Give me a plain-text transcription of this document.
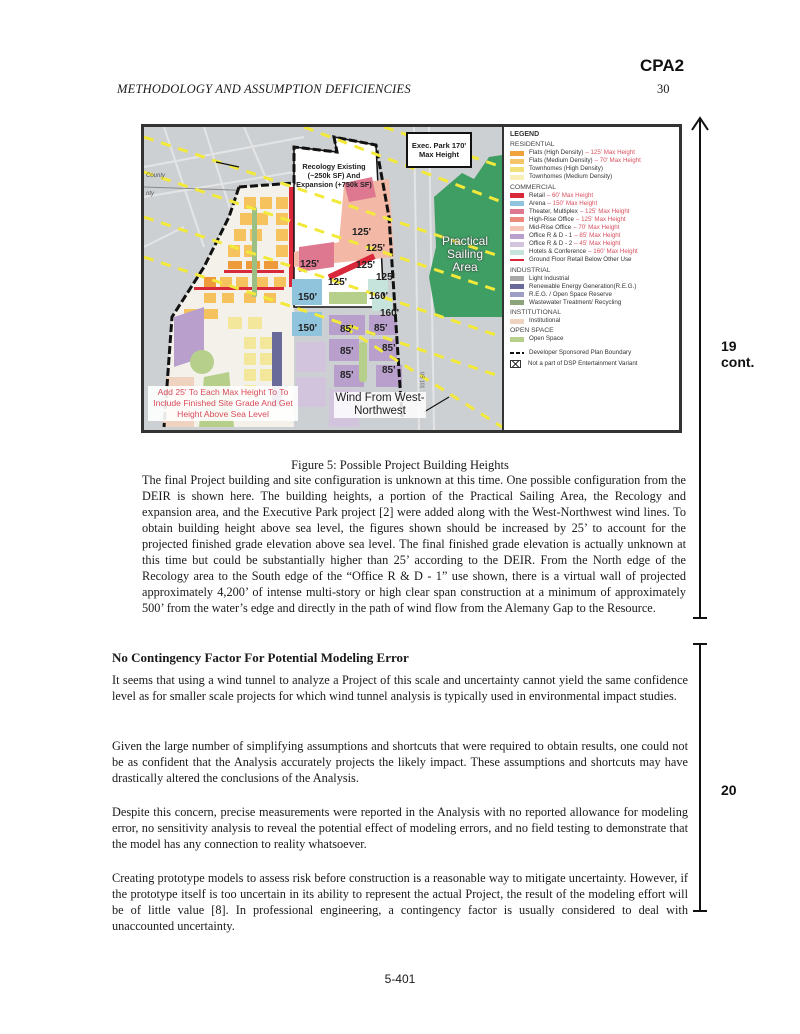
CPA2
METHODOLOGY AND ASSUMPTION DEFICIENCIES	30
Exec. Park 170' Max Height
Recology Existing (~250k SF) And Expansion (+750k SF)
Practical Sailing Area
Wind From West-Northwest
Add 25' To Each Max Height To To Include Finished Site Grade And Get Height Above Sea Level
County
nty
US 101
125'
125'
125'	125'
125'
125'
150'
150'
160'
160'
85' 85'
85'	85'
85'	85'
LEGEND
RESIDENTIAL
Flats (High Density) – 125' Max Height
Flats (Medium Density) – 70' Max Height
Townhomes (High Density)
Townhomes (Medium Density)
COMMERCIAL
Retail – 60' Max Height
Arena – 150' Max Height
Theater, Multiplex – 125' Max Height
High-Rise Office – 125' Max Height
Mid-Rise Office – 70' Max Height
Office R & D - 1 – 85' Max Height
Office R & D - 2 – 45' Max Height
Hotels & Conference – 160' Max Height
Ground Floor Retail Below Other Use
INDUSTRIAL
Light Industrial
Renewable Energy Generation(R.E.G.)
R.E.G. / Open Space Reserve
Wastewater Treatment/ Recycling
INSTITUTIONAL
Institutional
OPEN SPACE
Open Space
Developer Sponsored Plan Boundary
Not a part of DSP Entertainment Variant
Figure 5: Possible Project Building Heights
The final Project building and site configuration is unknown at this time. One possible configuration from the DEIR is shown here. The building heights, a portion of the Practical Sailing Area, the Recology and expansion area, and the Executive Park project [2] were added along with the West-Northwest wind lines. To obtain building height above sea level, the figures shown should be increased by 25’ to account for the projected finished grade elevation above sea level. The final finished grade elevation is actually unknown at this time but could be substantially higher than 25’ according to the DEIR. From the North edge of the Recology area to the South edge of the “Office R & D - 1” use shown, there is a virtual wall of projected approximately 4,200’ of intense multi-story or high clear span construction at a minimum of approximately 500’ from the water’s edge and directly in the path of wind flow from the Alemany Gap to the Resource.
No Contingency Factor For Potential Modeling Error
It seems that using a wind tunnel to analyze a Project of this scale and uncertainty cannot yield the same confidence level as for smaller scale projects for which wind tunnel analysis is typically used in environmental impact studies.
Given the large number of simplifying assumptions and shortcuts that were required to obtain results, one could not be as confident that the Analysis accurately projects the likely impact. These assumptions and shortcuts may have drastically altered the conclusions of the Analysis.
Despite this concern, precise measurements were reported in the Analysis with no reported allowance for modeling error, no sensitivity analysis to reveal the potential effect of modeling errors, and no field testing to demonstrate that the model has any connection to reality whatsoever.
Creating prototype models to assess risk before construction is a reasonable way to mitigate uncertainty. However, if the prototype itself is too uncertain in its ability to represent the actual Project, the result of the modeling effort will be of little value [8]. In professional engineering, a contingency factor is usually considered to deal with unaccounted uncertainty.
19
cont.
20
5-401
